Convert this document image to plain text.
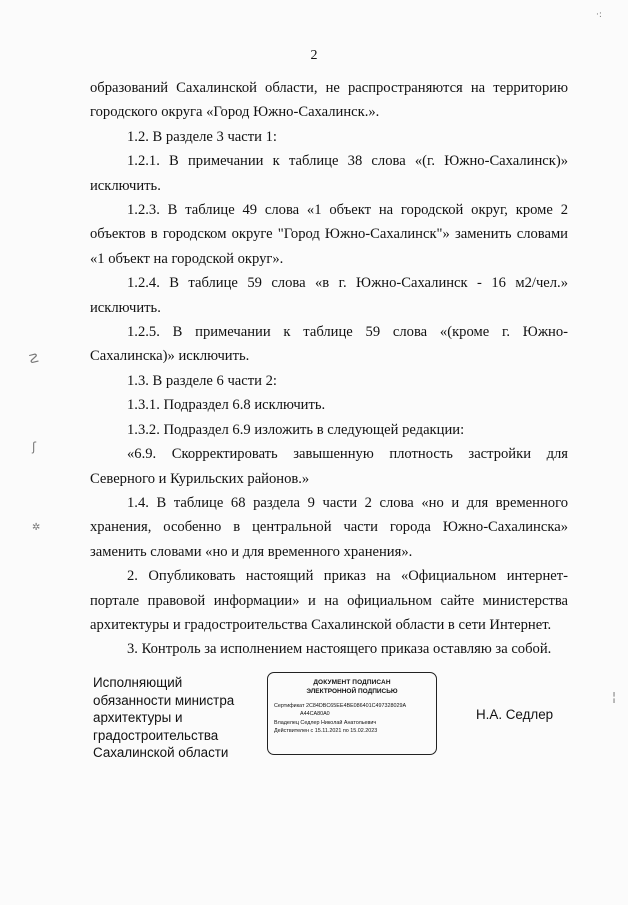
2

образований Сахалинской области, не распространяются на территорию городского округа «Город Южно-Сахалинск.».

1.2. В разделе 3 части 1:

1.2.1. В примечании к таблице 38 слова «(г. Южно-Сахалинск)» исключить.

1.2.3. В таблице 49 слова «1 объект на городской округ, кроме 2 объектов в городском округе "Город Южно-Сахалинск"» заменить словами «1 объект на городской округ».

1.2.4. В таблице 59 слова «в г. Южно-Сахалинск - 16 м2/чел.» исключить.

1.2.5. В примечании к таблице 59 слова «(кроме г. Южно-Сахалинска)» исключить.

1.3. В разделе 6 части 2:

1.3.1. Подраздел 6.8 исключить.

1.3.2. Подраздел 6.9 изложить в следующей редакции:

«6.9. Скорректировать завышенную плотность застройки для Северного и Курильских районов.»

1.4. В таблице 68 раздела 9 части 2 слова «но и для временного хранения, особенно в центральной части города Южно-Сахалинска» заменить словами «но и для временного хранения».

2. Опубликовать настоящий приказ на «Официальном интернет-портале правовой информации» и на официальном сайте министерства архитектуры и градостроительства Сахалинской области в сети Интернет.

3. Контроль за исполнением настоящего приказа оставляю за собой.

Исполняющий
обязанности министра
архитектуры и
градостроительства
Сахалинской области
ДОКУМЕНТ ПОДПИСАН
ЭЛЕКТРОННОЙ ПОДПИСЬЮ
Сертификат 2C84DBC65EE4BE086401C497328029A
A44CA80A0
Владелец Седлер Николай Анатольевич
Действителен с 15.11.2021 по 15.02.2023
Н.А. Седлер
·:
☡
ʃ
✲
¦
